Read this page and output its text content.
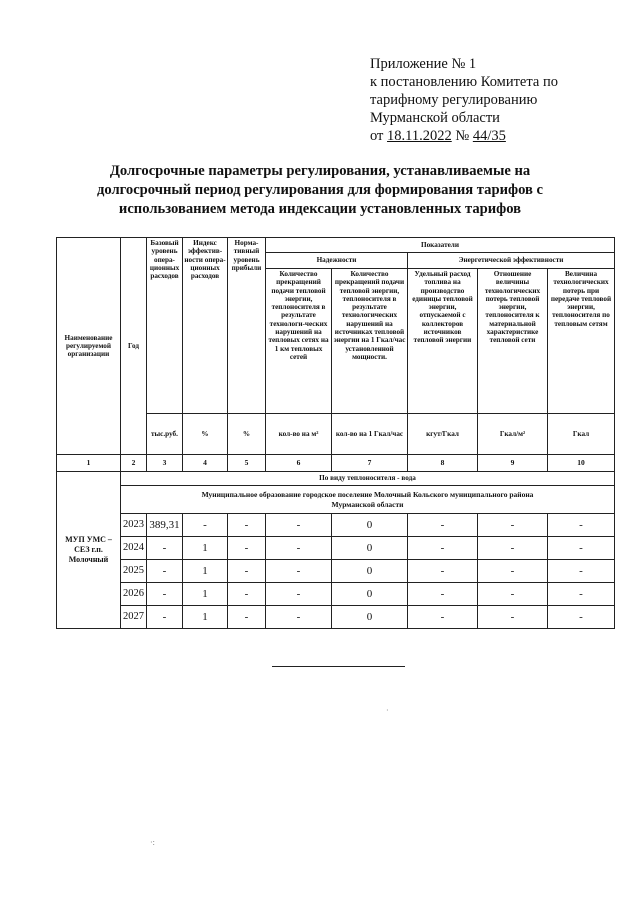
Приложение № 1
к постановлению Комитета по
тарифному регулированию
Мурманской области
от 18.11.2022 № 44/35
Долгосрочные параметры регулирования, устанавливаемые на
долгосрочный период регулирования для формирования тарифов с
использованием метода индексации установленных тарифов
Наименование регулируемой организации	Год	Базовый уровень опера-ционных расходов	Индекс эффектив-ности опера-ционных расходов	Норма-тивный уровень прибыли	Показатели				
					Надежности		Энергетической эффективности		
					Количество прекращений подачи тепловой энергии, теплоносителя в результате технологи-ческих нарушений на тепловых сетях на 1 км тепловых сетей	Количество прекращений подачи тепловой энергии, теплоносителя в результате технологических нарушений на источниках тепловой энергии на 1 Гкал/час установленной мощности.	Удельный расход топлива на производство единицы тепловой энергии, отпускаемой с коллекторов источников тепловой энергии	Отношение величины технологических потерь тепловой энергии, теплоносителя к материальной характеристике тепловой сети	Величина технологических потерь при передаче тепловой энергии, теплоносителя по тепловым сетям
		тыс.руб.	%	%	кол-во на м²	кол-во на 1 Гкал/час	кгут/Гкал	Гкал/м²	Гкал
1	2	3	4	5	6	7	8	9	10
МУП УМС – СЕЗ г.п. Молочный	По виду теплоносителя - вода								
	Муниципальное образование городское поселение Молочный Кольского муниципального района Мурманской области								
	2023	389,31	-	-	-	0	-	-	-
	2024	-	1	-	-	0	-	-	-
	2025	-	1	-	-	0	-	-	-
	2026	-	1	-	-	0	-	-	-
	2027	-	1	-	-	0	-	-	-
·
·:
